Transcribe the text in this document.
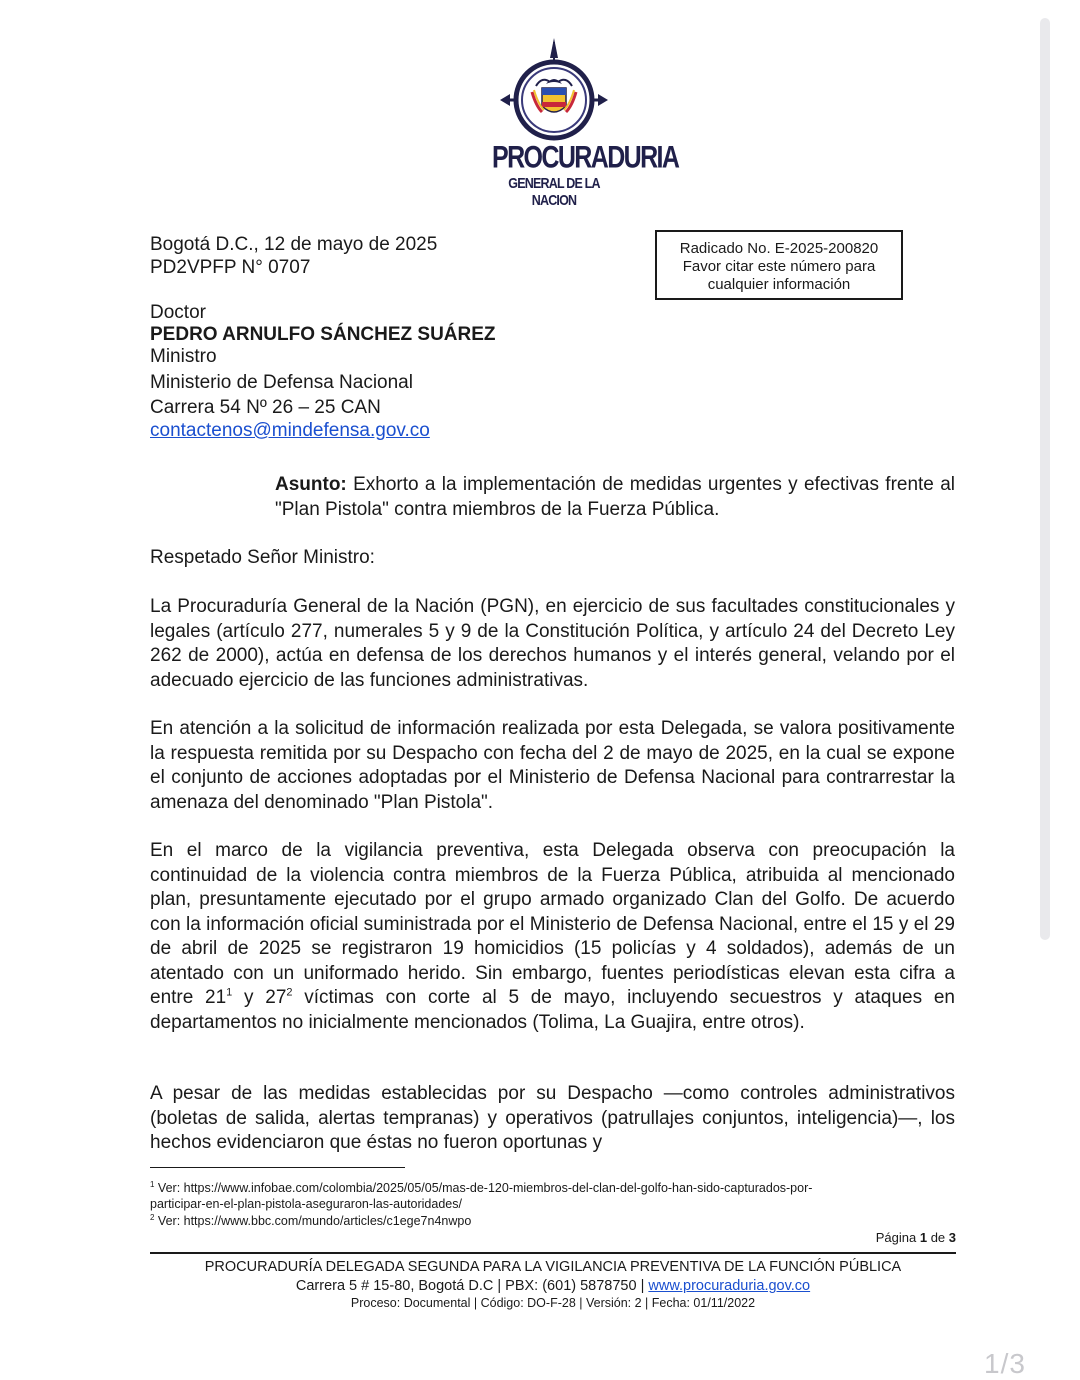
PROCURADURIA
GENERAL DE LA NACION
Bogotá D.C., 12 de mayo de 2025
PD2VPFP N° 0707
Radicado No. E-2025-200820
Favor citar este número para
cualquier información
Doctor
PEDRO ARNULFO SÁNCHEZ SUÁREZ
Ministro
Ministerio de Defensa Nacional
Carrera 54 Nº 26 – 25 CAN
contactenos@mindefensa.gov.co
Asunto: Exhorto a la implementación de medidas urgentes y efectivas frente al "Plan Pistola" contra miembros de la Fuerza Pública.
Respetado Señor Ministro:

La Procuraduría General de la Nación (PGN), en ejercicio de sus facultades constitucionales y legales (artículo 277, numerales 5 y 9 de la Constitución Política, y artículo 24 del Decreto Ley 262 de 2000), actúa en defensa de los derechos humanos y el interés general, velando por el adecuado ejercicio de las funciones administrativas.

En atención a la solicitud de información realizada por esta Delegada, se valora positivamente la respuesta remitida por su Despacho con fecha del 2 de mayo de 2025, en la cual se expone el conjunto de acciones adoptadas por el Ministerio de Defensa Nacional para contrarrestar la amenaza del denominado "Plan Pistola".

En el marco de la vigilancia preventiva, esta Delegada observa con preocupación la continuidad de la violencia contra miembros de la Fuerza Pública, atribuida al mencionado plan, presuntamente ejecutado por el grupo armado organizado Clan del Golfo. De acuerdo con la información oficial suministrada por el Ministerio de Defensa Nacional, entre el 15 y el 29 de abril de 2025 se registraron 19 homicidios (15 policías y 4 soldados), además de un atentado con un uniformado herido. Sin embargo, fuentes periodísticas elevan esta cifra a entre $21^1$ y $27^2$ víctimas con corte al 5 de mayo, incluyendo secuestros y ataques en departamentos no inicialmente mencionados (Tolima, La Guajira, entre otros).

A pesar de las medidas establecidas por su Despacho —como controles administrativos (boletas de salida, alertas tempranas) y operativos (patrullajes conjuntos, inteligencia)—, los hechos evidenciaron que éstas no fueron oportunas y

$^1$ Ver: https://www.infobae.com/colombia/2025/05/05/mas-de-120-miembros-del-clan-del-golfo-han-sido-capturados-por-
participar-en-el-plan-pistola-aseguraron-las-autoridades/
$^2$ Ver: https://www.bbc.com/mundo/articles/c1ege7n4nwpo
Página 1 de 3
PROCURADURÍA DELEGADA SEGUNDA PARA LA VIGILANCIA PREVENTIVA DE LA FUNCIÓN PÚBLICA
Carrera 5 # 15-80, Bogotá D.C | PBX: (601) 5878750 | www.procuraduria.gov.co
Proceso: Documental | Código: DO-F-28 | Versión: 2 | Fecha: 01/11/2022
1/3
